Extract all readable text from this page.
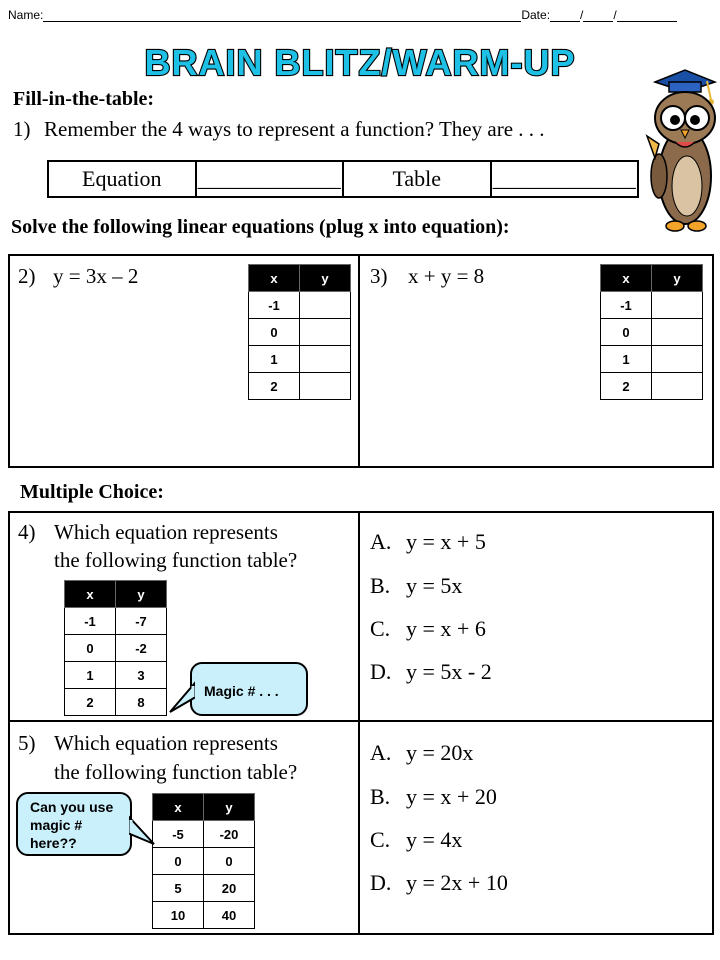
Name:	Date:	/	/
BRAIN BLITZ/WARM-UP
Fill-in-the-table:
1) Remember the 4 ways to represent a function? They are . . .
Equation	_____________	Table	_____________
Solve the following linear equations (plug x into equation):
2) y = 3x – 2	x	y
-1	
0	
1	
2	
3) x + y = 8	x	y
-1	
0	
1	
2	
Multiple Choice:
4) Which equation represents
the following function table?
x	y
-1	-7
0	-2
1	3
2	8
Magic # . . .
A. y = x + 5
B. y = 5x
C. y = x + 6
D. y = 5x - 2
5) Which equation represents
the following function table?
Can you use magic # here??
x	y
-5	-20
0	0
5	20
10	40
A. y = 20x
B. y = x + 20
C. y = 4x
D. y = 2x + 10
